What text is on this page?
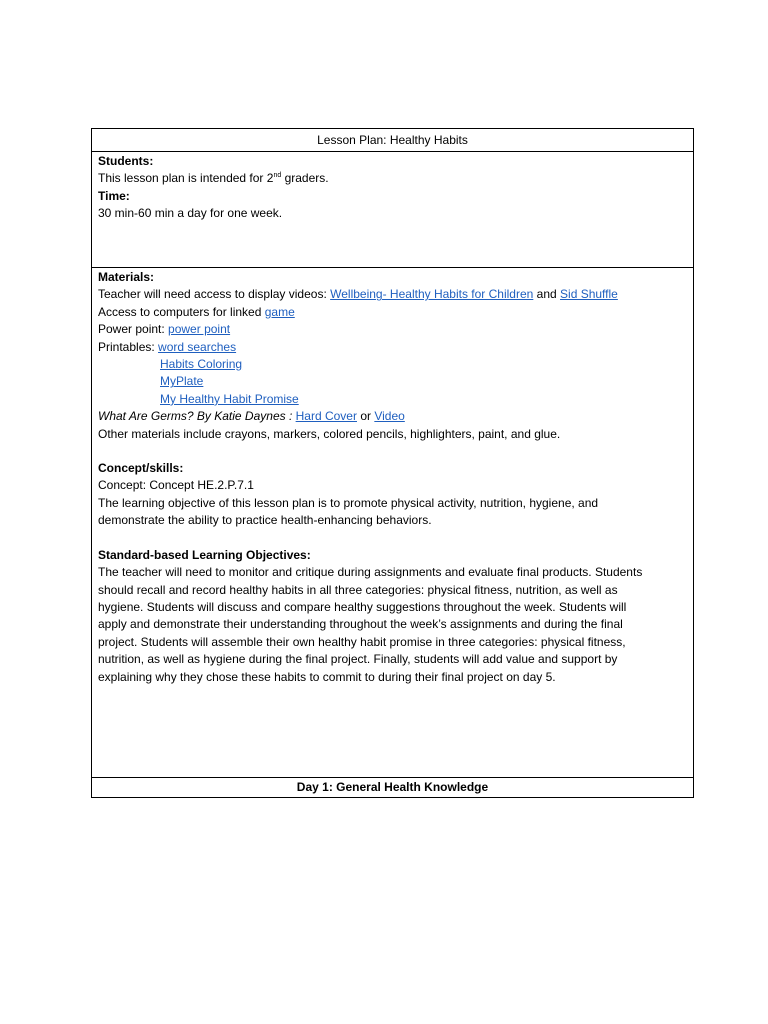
Lesson Plan: Healthy Habits

Students:
This lesson plan is intended for 2nd graders.
Time:
30 min-60 min a day for one week.

Materials:
Teacher will need access to display videos: Wellbeing- Healthy Habits for Children and Sid Shuffle
Access to computers for linked game
Power point: power point
Printables: word searches
Habits Coloring
MyPlate
My Healthy Habit Promise
What Are Germs? By Katie Daynes : Hard Cover or Video
Other materials include crayons, markers, colored pencils, highlighters, paint, and glue.
Concept/skills:
Concept: Concept HE.2.P.7.1
The learning objective of this lesson plan is to promote physical activity, nutrition, hygiene, and
demonstrate the ability to practice health-enhancing behaviors.
Standard-based Learning Objectives:
The teacher will need to monitor and critique during assignments and evaluate final products. Students
should recall and record healthy habits in all three categories: physical fitness, nutrition, as well as
hygiene. Students will discuss and compare healthy suggestions throughout the week. Students will
apply and demonstrate their understanding throughout the week’s assignments and during the final
project. Students will assemble their own healthy habit promise in three categories: physical fitness,
nutrition, as well as hygiene during the final project. Finally, students will add value and support by
explaining why they chose these habits to commit to during their final project on day 5.

Day 1: General Health Knowledge
